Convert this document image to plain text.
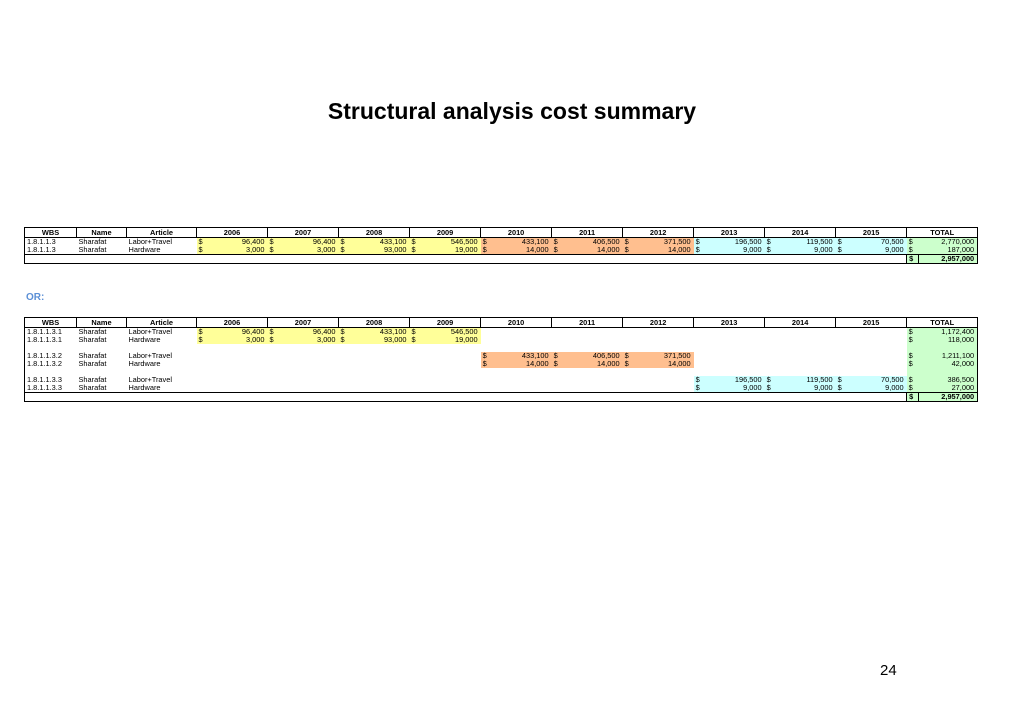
Structural analysis cost summary
WBS	Name	Article	2006		2007		2008		2009		2010		2011		2012		2013		2014		2015		TOTAL	
1.8.1.1.3	Sharafat	Labor+Travel	$	96,400	$	96,400	$	433,100	$	546,500	$	433,100	$	406,500	$	371,500	$	196,500	$	119,500	$	70,500	$	2,770,000
1.8.1.1.3	Sharafat	Hardware	$	3,000	$	3,000	$	93,000	$	19,000	$	14,000	$	14,000	$	14,000	$	9,000	$	9,000	$	9,000	$	187,000
																							$	2,957,000
OR:
WBS	Name	Article	2006		2007		2008		2009		2010		2011		2012		2013		2014		2015		TOTAL	
1.8.1.1.3.1	Sharafat	Labor+Travel	$	96,400	$	96,400	$	433,100	$	546,500													$	1,172,400
1.8.1.1.3.1	Sharafat	Hardware	$	3,000	$	3,000	$	93,000	$	19,000													$	118,000

1.8.1.1.3.2	Sharafat	Labor+Travel									$	433,100	$	406,500	$	371,500							$	1,211,100
1.8.1.1.3.2	Sharafat	Hardware									$	14,000	$	14,000	$	14,000							$	42,000

1.8.1.1.3.3	Sharafat	Labor+Travel															$	196,500	$	119,500	$	70,500	$	386,500
1.8.1.1.3.3	Sharafat	Hardware															$	9,000	$	9,000	$	9,000	$	27,000
																							$	2,957,000
24
